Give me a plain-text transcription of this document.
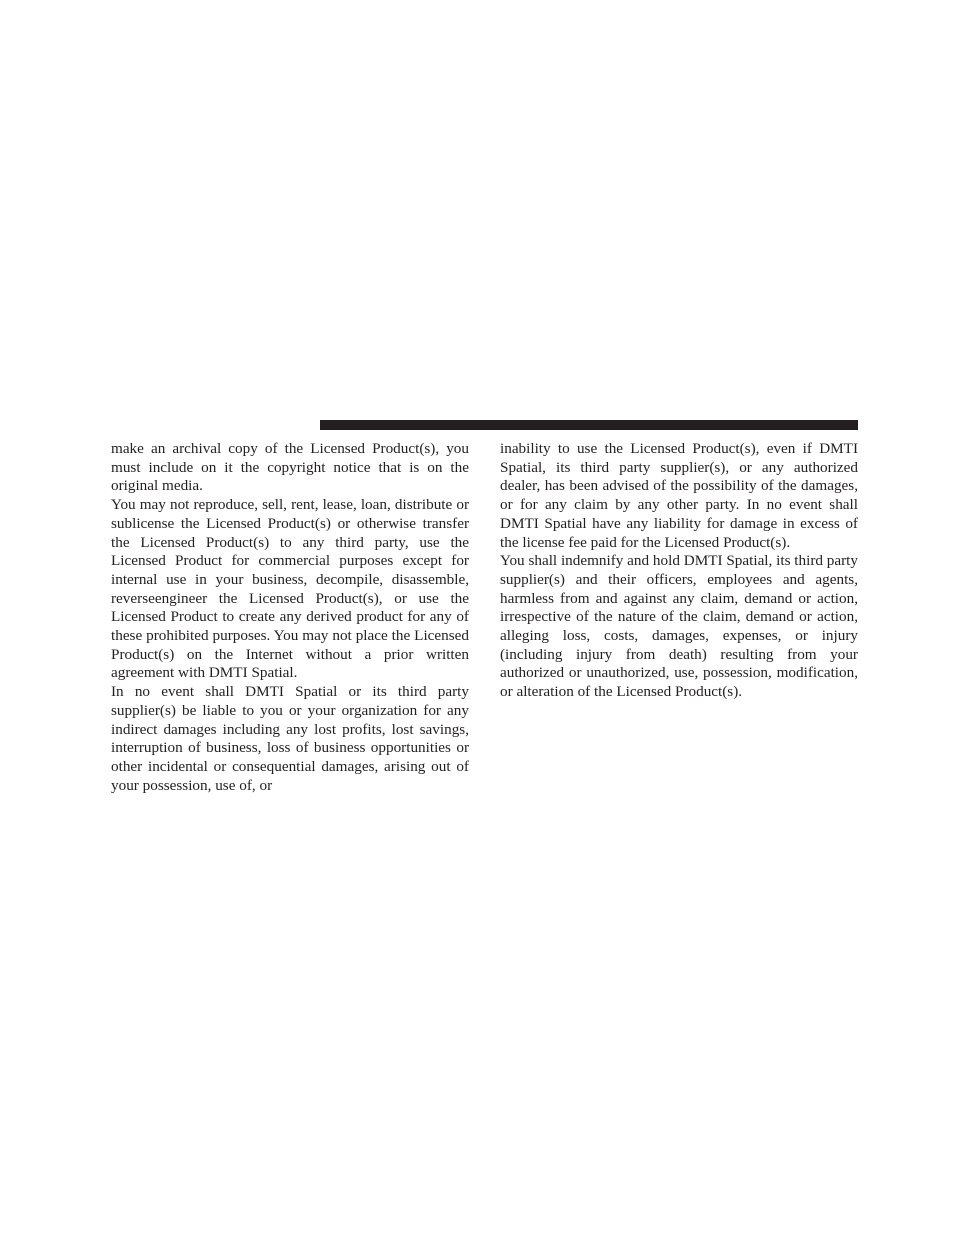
make an archival copy of the Licensed Product(s), you must include on it the copyright notice that is on the original media.

You may not reproduce, sell, rent, lease, loan, distribute or sublicense the Licensed Product(s) or otherwise transfer the Licensed Product(s) to any third party, use the Licensed Product for commercial purposes except for internal use in your business, decompile, disassemble, reverseengineer the Licensed Product(s), or use the Licensed Product to create any derived product for any of these prohibited purposes. You may not place the Licensed Product(s) on the Internet without a prior written agreement with DMTI Spatial.

In no event shall DMTI Spatial or its third party supplier(s) be liable to you or your organization for any indirect damages including any lost profits, lost savings, interruption of business, loss of business opportunities or other incidental or consequential damages, arising out of your possession, use of, or

inability to use the Licensed Product(s), even if DMTI Spatial, its third party supplier(s), or any authorized dealer, has been advised of the possibility of the damages, or for any claim by any other party. In no event shall DMTI Spatial have any liability for damage in excess of the license fee paid for the Licensed Product(s).

You shall indemnify and hold DMTI Spatial, its third party supplier(s) and their officers, employees and agents, harmless from and against any claim, demand or action, irrespective of the nature of the claim, demand or action, alleging loss, costs, damages, expenses, or injury (including injury from death) resulting from your authorized or unauthorized, use, possession, modification, or alteration of the Licensed Product(s).
